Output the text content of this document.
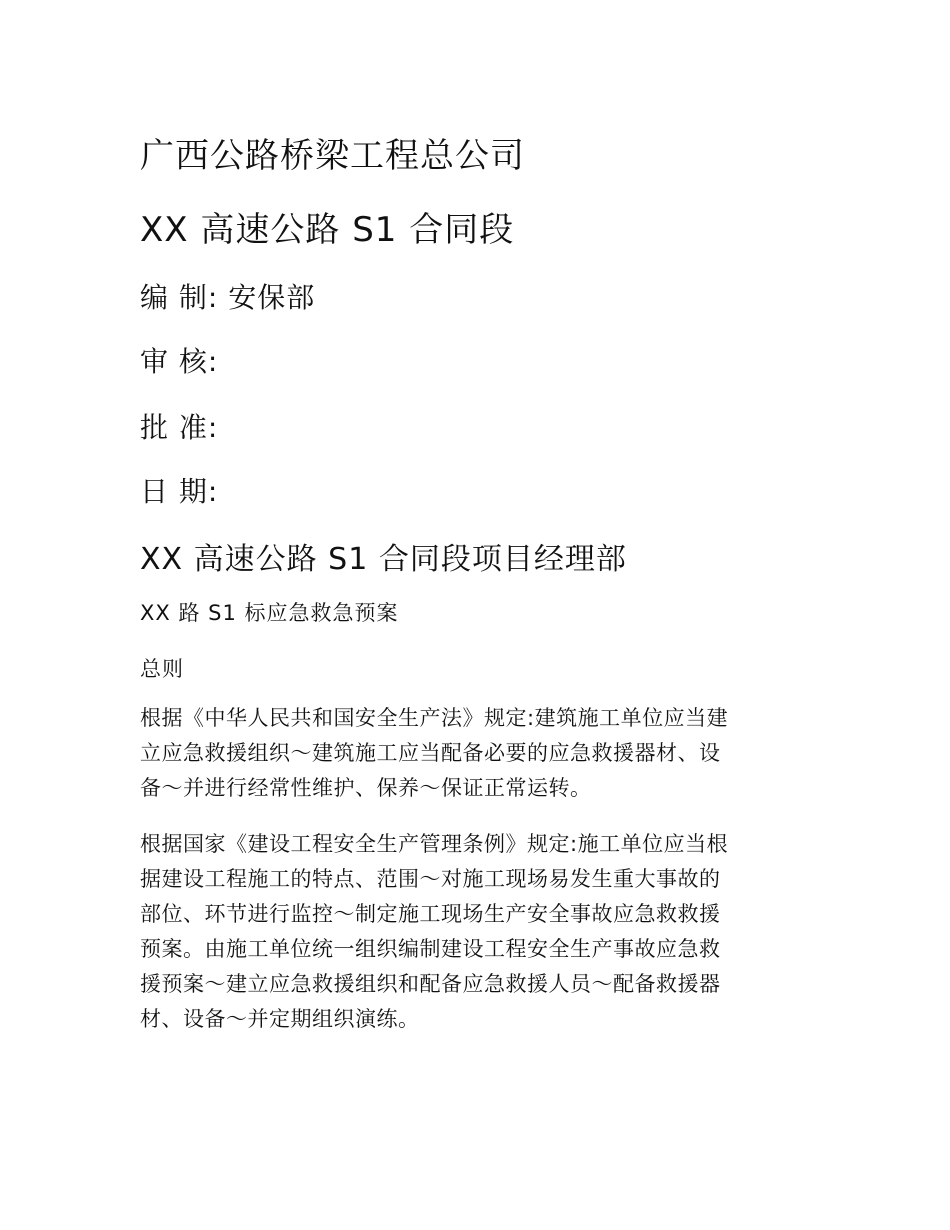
广西公路桥梁工程总公司
XX 高速公路 S1 合同段
编 制: 安保部
审 核:
批 准:
日 期:
XX 高速公路 S1 合同段项目经理部
XX 路 S1 标应急救急预案
总则
根据《中华人民共和国安全生产法》规定:建筑施工单位应当建
立应急救援组织～建筑施工应当配备必要的应急救援器材、设
备～并进行经常性维护、保养～保证正常运转。
根据国家《建设工程安全生产管理条例》规定:施工单位应当根
据建设工程施工的特点、范围～对施工现场易发生重大事故的
部位、环节进行监控～制定施工现场生产安全事故应急救救援
预案。由施工单位统一组织编制建设工程安全生产事故应急救
援预案～建立应急救援组织和配备应急救援人员～配备救援器
材、设备～并定期组织演练。
